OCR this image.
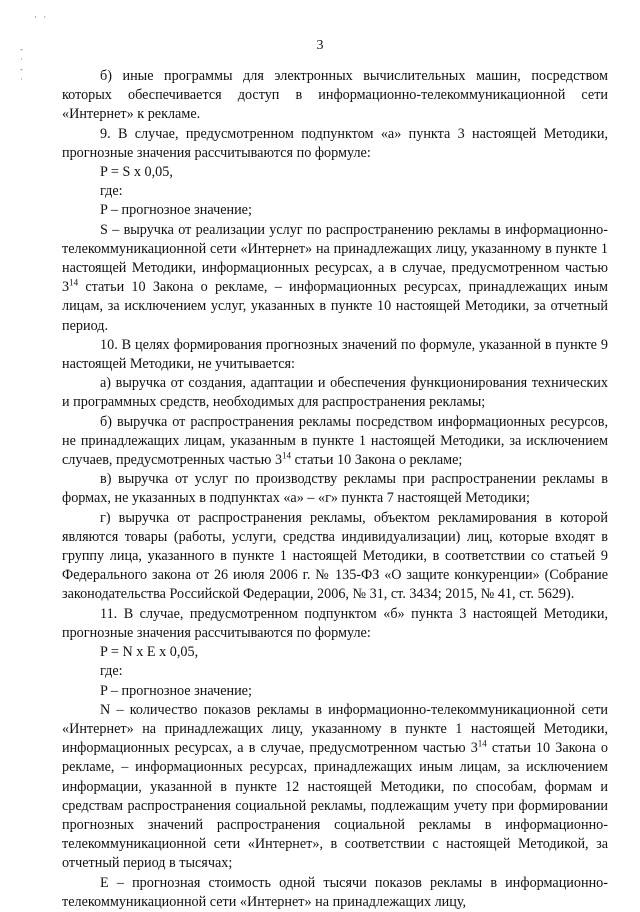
· ·
-
·
-
·
3

б) иные программы для электронных вычислительных машин, посредством которых обеспечивается доступ в информационно-телекоммуникационной сети «Интернет» к рекламе.

9. В случае, предусмотренном подпунктом «а» пункта 3 настоящей Методики, прогнозные значения рассчитываются по формуле:

P = S x 0,05,

где:

P – прогнозное значение;

S – выручка от реализации услуг по распространению рекламы в информационно-телекоммуникационной сети «Интернет» на принадлежащих лицу, указанному в пункте 1 настоящей Методики, информационных ресурсах, а в случае, предусмотренном частью $3^{14}$ статьи 10 Закона о рекламе, – информационных ресурсах, принадлежащих иным лицам, за исключением услуг, указанных в пункте 10 настоящей Методики, за отчетный период.

10. В целях формирования прогнозных значений по формуле, указанной в пункте 9 настоящей Методики, не учитывается:

а) выручка от создания, адаптации и обеспечения функционирования технических и программных средств, необходимых для распространения рекламы;

б) выручка от распространения рекламы посредством информационных ресурсов, не принадлежащих лицам, указанным в пункте 1 настоящей Методики, за исключением случаев, предусмотренных частью $3^{14}$ статьи 10 Закона о рекламе;

в) выручка от услуг по производству рекламы при распространении рекламы в формах, не указанных в подпунктах «а» – «г» пункта 7 настоящей Методики;

г) выручка от распространения рекламы, объектом рекламирования в которой являются товары (работы, услуги, средства индивидуализации) лиц, которые входят в группу лица, указанного в пункте 1 настоящей Методики, в соответствии со статьей 9 Федерального закона от 26 июля 2006 г. № 135-ФЗ «О защите конкуренции» (Собрание законодательства Российской Федерации, 2006, № 31, ст. 3434; 2015, № 41, ст. 5629).

11. В случае, предусмотренном подпунктом «б» пункта 3 настоящей Методики, прогнозные значения рассчитываются по формуле:

P = N x E x 0,05,

где:

P – прогнозное значение;

N – количество показов рекламы в информационно-телекоммуникационной сети «Интернет» на принадлежащих лицу, указанному в пункте 1 настоящей Методики, информационных ресурсах, а в случае, предусмотренном частью $3^{14}$ статьи 10 Закона о рекламе, – информационных ресурсах, принадлежащих иным лицам, за исключением информации, указанной в пункте 12 настоящей Методики, по способам, формам и средствам распространения социальной рекламы, подлежащим учету при формировании прогнозных значений распространения социальной рекламы в информационно-телекоммуникационной сети «Интернет», в соответствии с настоящей Методикой, за отчетный период в тысячах;

E – прогнозная стоимость одной тысячи показов рекламы в информационно-телекоммуникационной сети «Интернет» на принадлежащих лицу,
